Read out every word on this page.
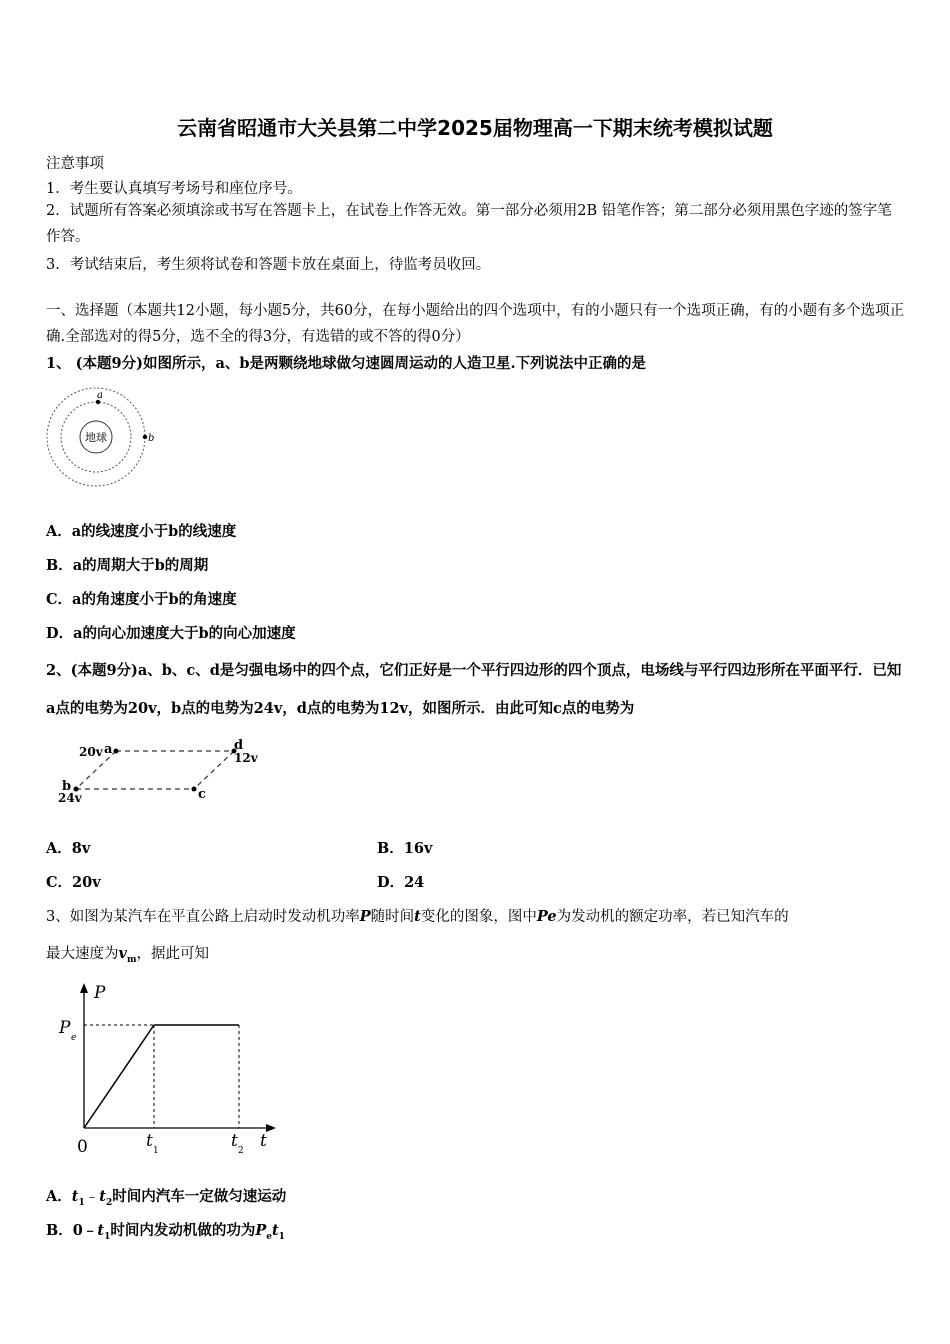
云南省昭通市大关县第二中学2025届物理高一下期末统考模拟试题
注意事项
1．考生要认真填写考场号和座位序号。
2．试题所有答案必须填涂或书写在答题卡上，在试卷上作答无效。第一部分必须用2B 铅笔作答；第二部分必须用黑色字迹的签字笔作答。
3．考试结束后，考生须将试卷和答题卡放在桌面上，待监考员收回。
一、选择题（本题共12小题，每小题5分，共60分，在每小题给出的四个选项中，有的小题只有一个选项正确，有的小题有多个选项正确.全部选对的得5分，选不全的得3分，有选错的或不答的得0分）
1、 (本题9分)如图所示，a、b是两颗绕地球做匀速圆周运动的人造卫星.下列说法中正确的是
地球
a
b
A．a的线速度小于b的线速度
B．a的周期大于b的周期
C．a的角速度小于b的角速度
D．a的向心加速度大于b的向心加速度
2、(本题9分)a、b、c、d是匀强电场中的四个点，它们正好是一个平行四边形的四个顶点，电场线与平行四边形所在平面平行．已知a点的电势为20v，b点的电势为24v，d点的电势为12v，如图所示．由此可知c点的电势为
20v a
b
24v	c
d
12v
A．8v	B．16v
C．20v	D．24
3、如图为某汽车在平直公路上启动时发动机功率P随时间t变化的图象，图中Pe为发动机的额定功率，若已知汽车的
最大速度为$v_m$，据此可知
P
P e
0	t 1	t 2 t
A．$t_1﹣t_2$时间内汽车一定做匀速运动
B．$0﹣t_1$时间内发动机做的功为$P_et_1$
